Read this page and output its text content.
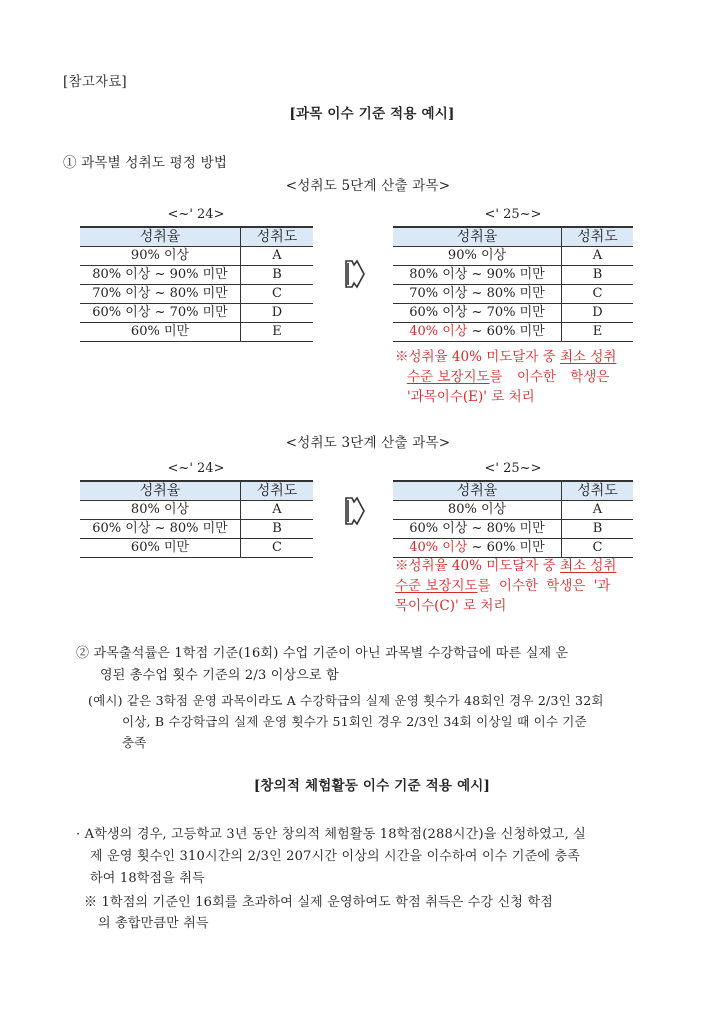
[참고자료]
[과목 이수 기준 적용 예시]
① 과목별 성취도 평정 방법
<성취도 5단계 산출 과목>
<~' 24>
성취율	성취도
90% 이상	A
80% 이상 ~ 90% 미만	B
70% 이상 ~ 80% 미만	C
60% 이상 ~ 70% 미만	D
60% 미만	E
<' 25~>
성취율	성취도
90% 이상	A
80% 이상 ~ 90% 미만	B
70% 이상 ~ 80% 미만	C
60% 이상 ~ 70% 미만	D
40% 이상 ~ 60% 미만	E
※성취율 40% 미도달자 중 최소 성취
수준 보장지도를 이수한 학생은
'과목이수(E)' 로 처리
<성취도 3단계 산출 과목>
<~' 24>
성취율	성취도
80% 이상	A
60% 이상 ~ 80% 미만	B
60% 미만	C
<' 25~>
성취율	성취도
80% 이상	A
60% 이상 ~ 80% 미만	B
40% 이상 ~ 60% 미만	C
※성취율 40% 미도달자 중 최소 성취
수준 보장지도를 이수한 학생은 '과
목이수(C)' 로 처리
② 과목출석률은 1학점 기준(16회) 수업 기준이 아닌 과목별 수강학급에 따른 실제 운
영된 총수업 횟수 기준의 2/3 이상으로 함
(예시) 같은 3학점 운영 과목이라도 A 수강학급의 실제 운영 횟수가 48회인 경우 2/3인 32회
이상, B 수강학급의 실제 운영 횟수가 51회인 경우 2/3인 34회 이상일 때 이수 기준
충족
[창의적 체험활동 이수 기준 적용 예시]
· A학생의 경우, 고등학교 3년 동안 창의적 체험활동 18학점(288시간)을 신청하였고, 실
제 운영 횟수인 310시간의 2/3인 207시간 이상의 시간을 이수하여 이수 기준에 충족
하여 18학점을 취득
※ 1학점의 기준인 16회를 초과하여 실제 운영하여도 학점 취득은 수강 신청 학점
의 총합만큼만 취득
